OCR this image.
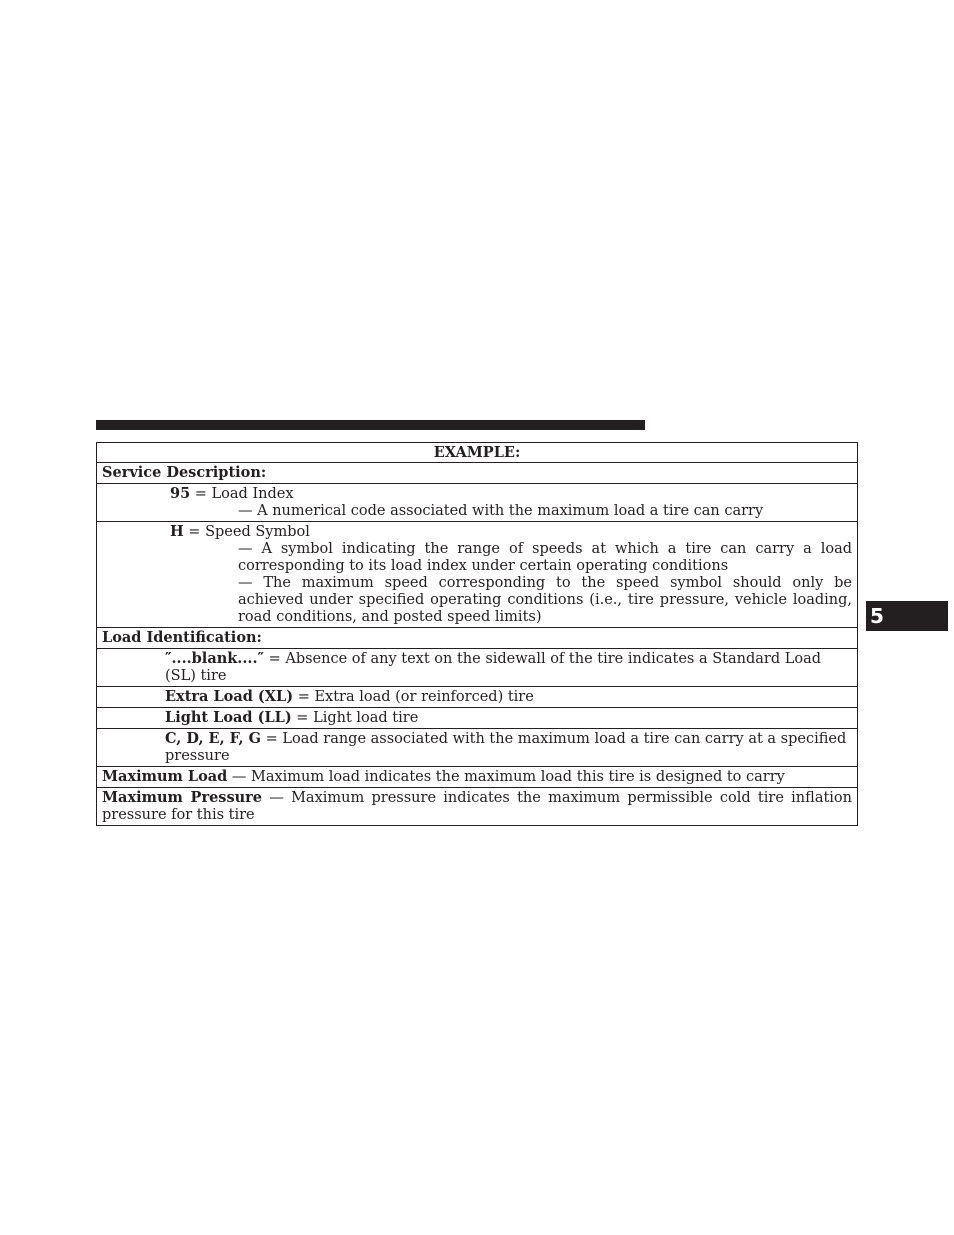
EXAMPLE:
Service Description:
95 = Load Index
— A numerical code associated with the maximum load a tire can carry
H = Speed Symbol
— A symbol indicating the range of speeds at which a tire can carry a load corresponding to its load index under certain operating conditions
— The maximum speed corresponding to the speed symbol should only be achieved under specified operating conditions (i.e., tire pressure, vehicle loading, road conditions, and posted speed limits)
Load Identification:
″....blank....″ = Absence of any text on the sidewall of the tire indicates a Standard Load (SL) tire
Extra Load (XL) = Extra load (or reinforced) tire
Light Load (LL) = Light load tire
C, D, E, F, G = Load range associated with the maximum load a tire can carry at a specified pressure
Maximum Load — Maximum load indicates the maximum load this tire is designed to carry
Maximum Pressure — Maximum pressure indicates the maximum permissible cold tire inflation pressure for this tire
5
